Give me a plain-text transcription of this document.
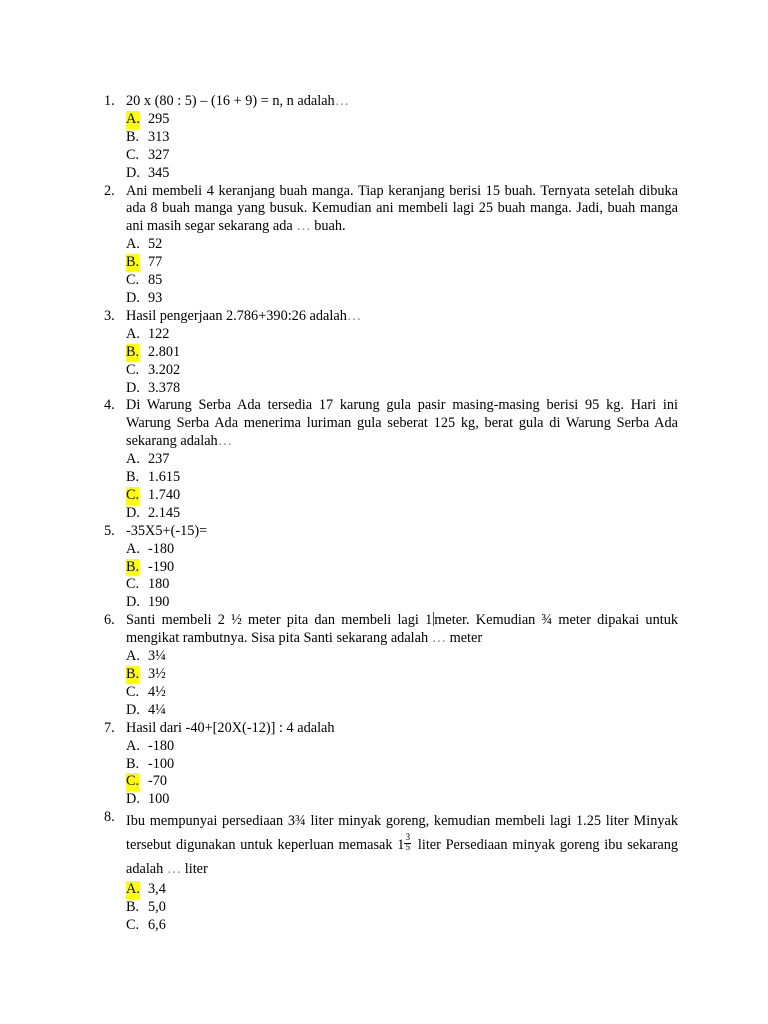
1. 20 x (80 : 5) – (16 + 9) = n, n adalah…
A. 295
B. 313
C. 327
D. 345
2. Ani membeli 4 keranjang buah manga. Tiap keranjang berisi 15 buah. Ternyata setelah dibuka ada 8 buah manga yang busuk. Kemudian ani membeli lagi 25 buah manga. Jadi, buah manga ani masih segar sekarang ada … buah.
A. 52
B. 77
C. 85
D. 93
3. Hasil pengerjaan 2.786+390:26 adalah…
A. 122
B. 2.801
C. 3.202
D. 3.378
4. Di Warung Serba Ada tersedia 17 karung gula pasir masing-masing berisi 95 kg. Hari ini Warung Serba Ada menerima luriman gula seberat 125 kg, berat gula di Warung Serba Ada sekarang adalah…
A. 237
B. 1.615
C. 1.740
D. 2.145
5. -35X5+(-15)=
A. -180
B. -190
C. 180
D. 190
6. Santi membeli 2 ½ meter pita dan membeli lagi 1 meter. Kemudian ¾ meter dipakai untuk mengikat rambutnya. Sisa pita Santi sekarang adalah … meter
A. 3¼
B. 3½
C. 4½
D. 4¼
7. Hasil dari -40+[20X(-12)] : 4 adalah
A. -180
B. -100
C. -70
D. 100
8. Ibu mempunyai persediaan 3¾ liter minyak goreng, kemudian membeli lagi 1.25 liter Minyak tersebut digunakan untuk keperluan memasak $1 \frac{3}{5}$ liter Persediaan minyak goreng ibu sekarang adalah … liter
A. 3,4
B. 5,0
C. 6,6
